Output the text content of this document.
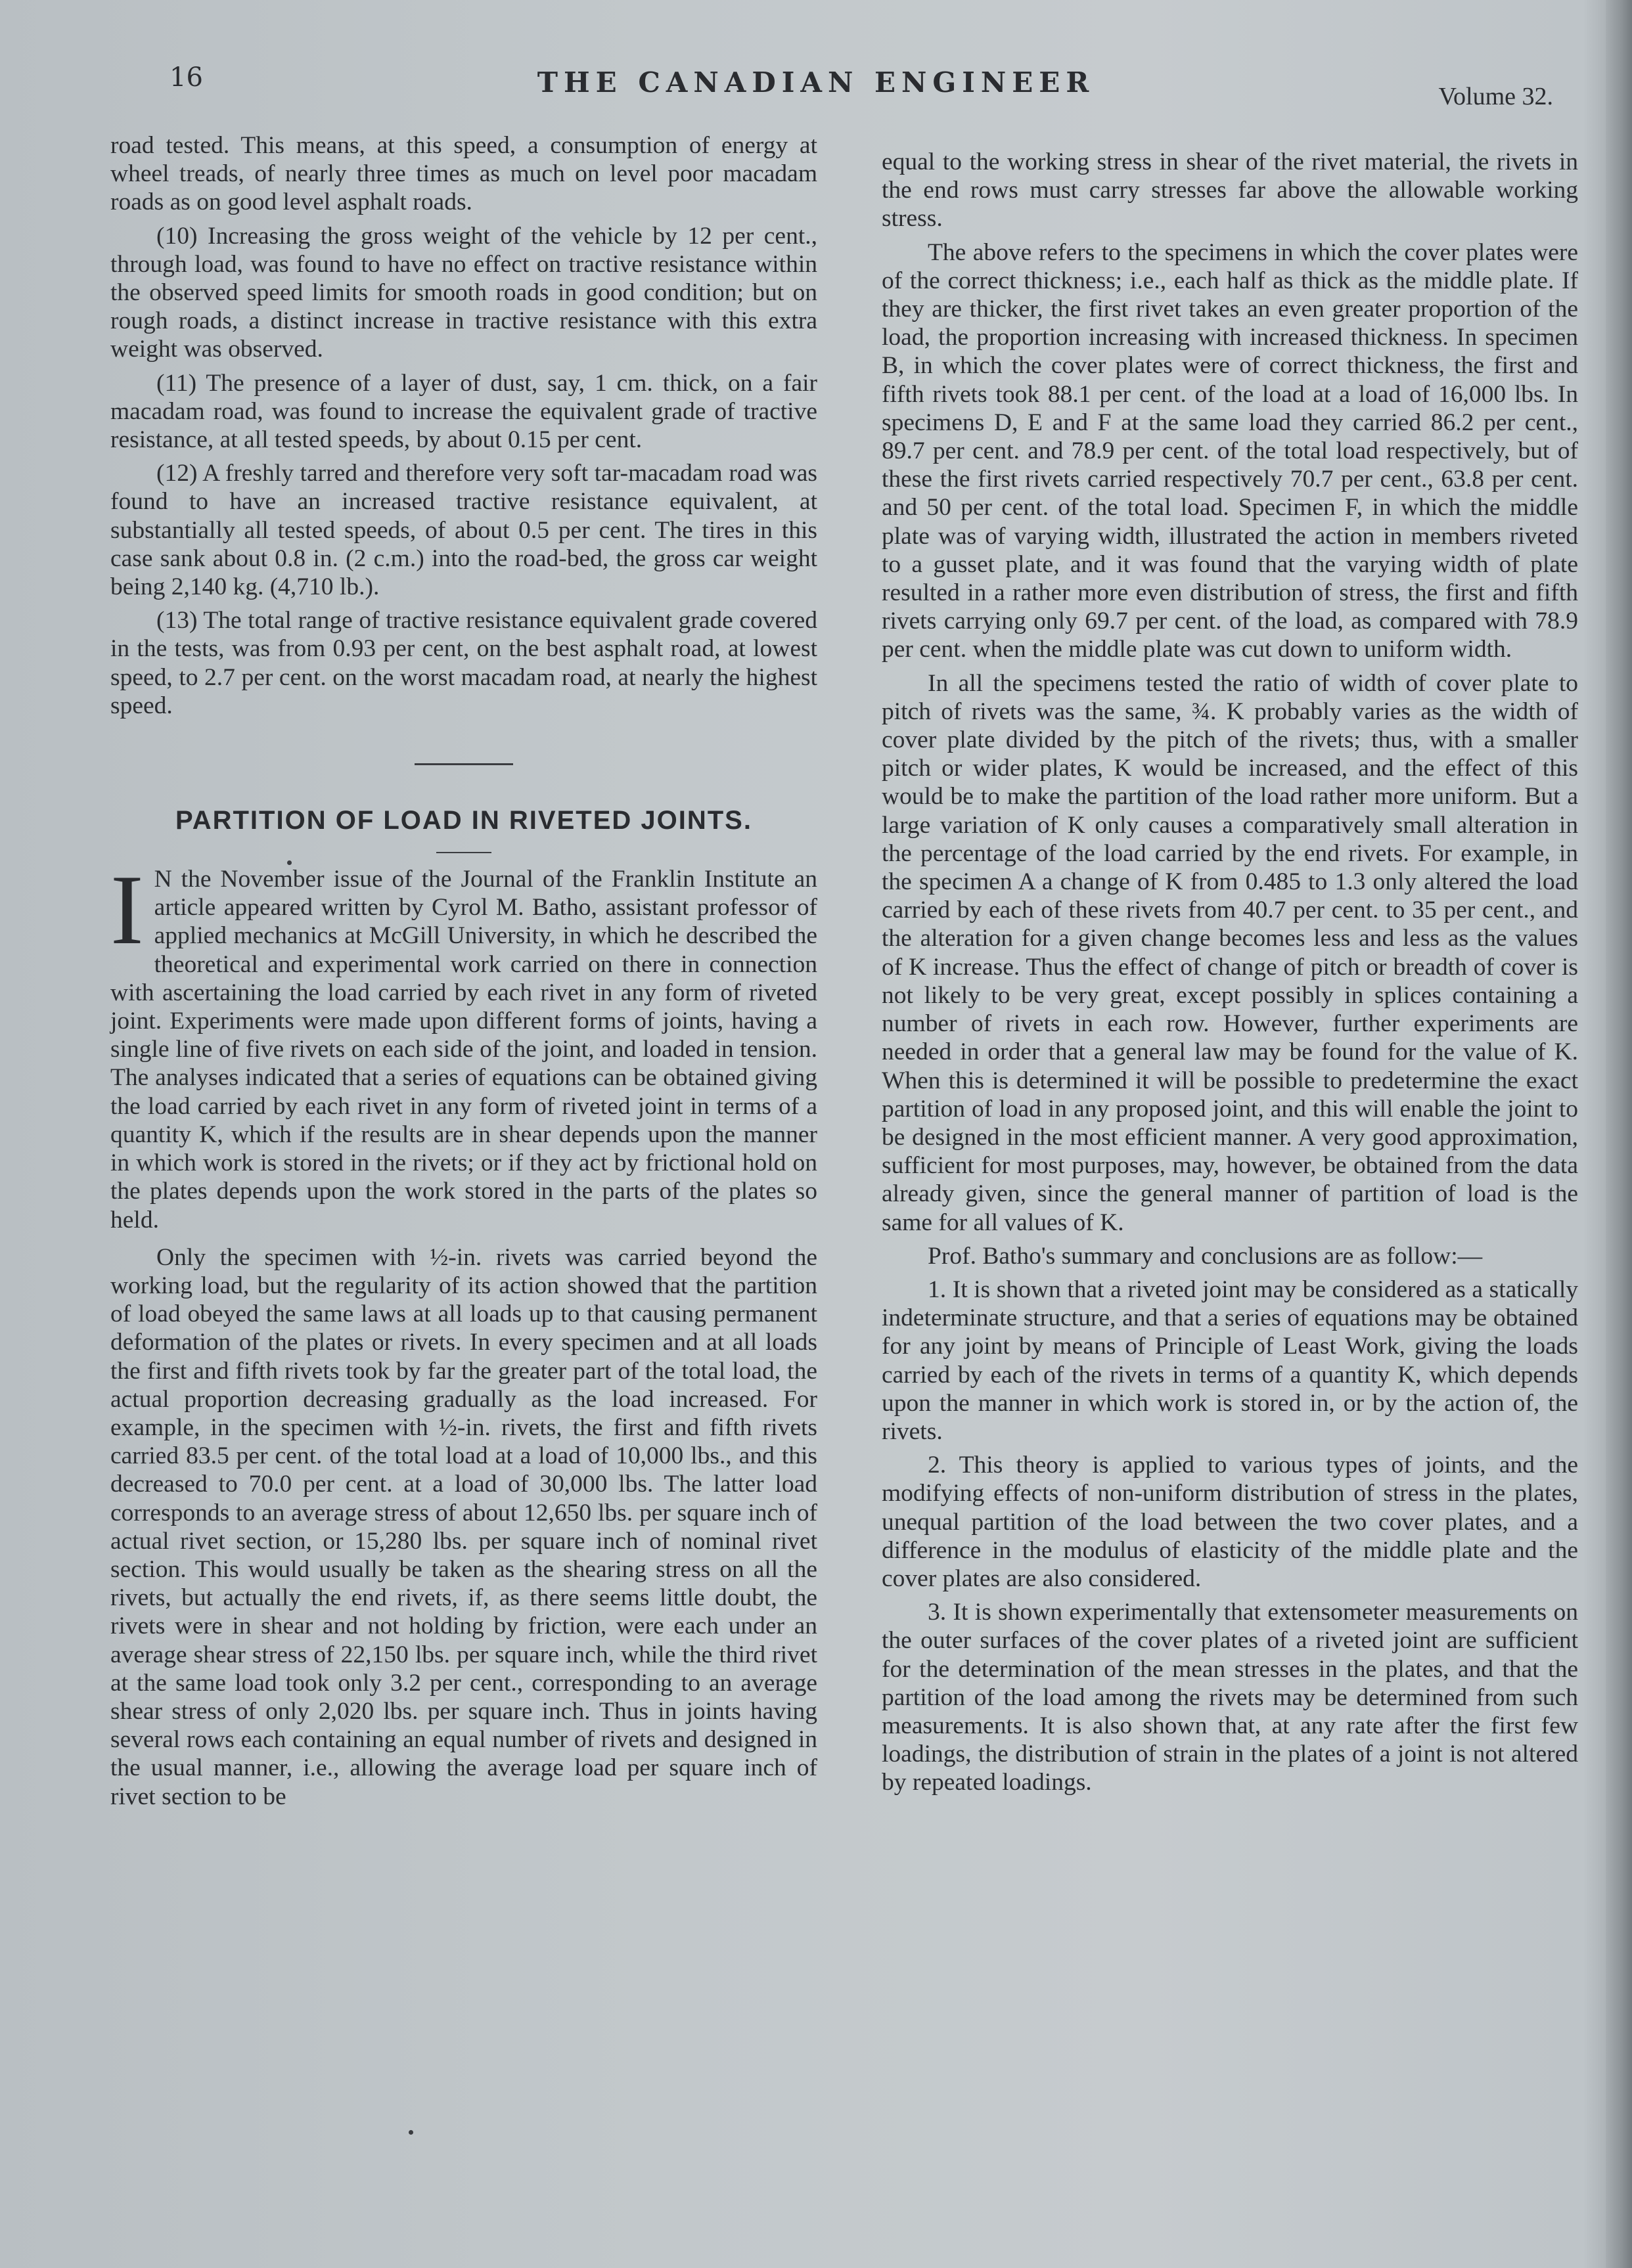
16	THE CANADIAN ENGINEER	Volume 32.

road tested. This means, at this speed, a consumption of energy at wheel treads, of nearly three times as much on level poor macadam roads as on good level asphalt roads.

(10) Increasing the gross weight of the vehicle by 12 per cent., through load, was found to have no effect on tractive resistance within the observed speed limits for smooth roads in good condition; but on rough roads, a distinct increase in tractive resistance with this extra weight was observed.

(11) The presence of a layer of dust, say, 1 cm. thick, on a fair macadam road, was found to increase the equivalent grade of tractive resistance, at all tested speeds, by about 0.15 per cent.

(12) A freshly tarred and therefore very soft tar-macadam road was found to have an increased tractive resistance equivalent, at substantially all tested speeds, of about 0.5 per cent. The tires in this case sank about 0.8 in. (2 c.m.) into the road-bed, the gross car weight being 2,140 kg. (4,710 lb.).

(13) The total range of tractive resistance equivalent grade covered in the tests, was from 0.93 per cent, on the best asphalt road, at lowest speed, to 2.7 per cent. on the worst macadam road, at nearly the highest speed.

PARTITION OF LOAD IN RIVETED JOINTS.

I N the November issue of the Journal of the Franklin Institute an article appeared written by Cyrol M. Batho, assistant professor of applied mechanics at McGill University, in which he described the theoretical and experimental work carried on there in connection with ascertaining the load carried by each rivet in any form of riveted joint. Experiments were made upon different forms of joints, having a single line of five rivets on each side of the joint, and loaded in tension. The analyses indicated that a series of equations can be obtained giving the load carried by each rivet in any form of riveted joint in terms of a quantity K, which if the results are in shear depends upon the manner in which work is stored in the rivets; or if they act by frictional hold on the plates depends upon the work stored in the parts of the plates so held.

Only the specimen with ½-in. rivets was carried beyond the working load, but the regularity of its action showed that the partition of load obeyed the same laws at all loads up to that causing permanent deformation of the plates or rivets. In every specimen and at all loads the first and fifth rivets took by far the greater part of the total load, the actual proportion decreasing gradually as the load increased. For example, in the specimen with ½-in. rivets, the first and fifth rivets carried 83.5 per cent. of the total load at a load of 10,000 lbs., and this decreased to 70.0 per cent. at a load of 30,000 lbs. The latter load corresponds to an average stress of about 12,650 lbs. per square inch of actual rivet section, or 15,280 lbs. per square inch of nominal rivet section. This would usually be taken as the shearing stress on all the rivets, but actually the end rivets, if, as there seems little doubt, the rivets were in shear and not holding by friction, were each under an average shear stress of 22,150 lbs. per square inch, while the third rivet at the same load took only 3.2 per cent., corresponding to an average shear stress of only 2,020 lbs. per square inch. Thus in joints having several rows each containing an equal number of rivets and designed in the usual manner, i.e., allowing the average load per square inch of rivet section to be

equal to the working stress in shear of the rivet material, the rivets in the end rows must carry stresses far above the allowable working stress.

The above refers to the specimens in which the cover plates were of the correct thickness; i.e., each half as thick as the middle plate. If they are thicker, the first rivet takes an even greater proportion of the load, the proportion increasing with increased thickness. In specimen B, in which the cover plates were of correct thickness, the first and fifth rivets took 88.1 per cent. of the load at a load of 16,000 lbs. In specimens D, E and F at the same load they carried 86.2 per cent., 89.7 per cent. and 78.9 per cent. of the total load respectively, but of these the first rivets carried respectively 70.7 per cent., 63.8 per cent. and 50 per cent. of the total load. Specimen F, in which the middle plate was of varying width, illustrated the action in members riveted to a gusset plate, and it was found that the varying width of plate resulted in a rather more even distribution of stress, the first and fifth rivets carrying only 69.7 per cent. of the load, as compared with 78.9 per cent. when the middle plate was cut down to uniform width.

In all the specimens tested the ratio of width of cover plate to pitch of rivets was the same, ¾. K probably varies as the width of cover plate divided by the pitch of the rivets; thus, with a smaller pitch or wider plates, K would be increased, and the effect of this would be to make the partition of the load rather more uniform. But a large variation of K only causes a comparatively small alteration in the percentage of the load carried by the end rivets. For example, in the specimen A a change of K from 0.485 to 1.3 only altered the load carried by each of these rivets from 40.7 per cent. to 35 per cent., and the alteration for a given change becomes less and less as the values of K increase. Thus the effect of change of pitch or breadth of cover is not likely to be very great, except possibly in splices containing a number of rivets in each row. However, further experiments are needed in order that a general law may be found for the value of K. When this is determined it will be possible to predetermine the exact partition of load in any proposed joint, and this will enable the joint to be designed in the most efficient manner. A very good approximation, sufficient for most purposes, may, however, be obtained from the data already given, since the general manner of partition of load is the same for all values of K.

Prof. Batho's summary and conclusions are as follow:—

1. It is shown that a riveted joint may be considered as a statically indeterminate structure, and that a series of equations may be obtained for any joint by means of Principle of Least Work, giving the loads carried by each of the rivets in terms of a quantity K, which depends upon the manner in which work is stored in, or by the action of, the rivets.

2. This theory is applied to various types of joints, and the modifying effects of non-uniform distribution of stress in the plates, unequal partition of the load between the two cover plates, and a difference in the modulus of elasticity of the middle plate and the cover plates are also considered.

3. It is shown experimentally that extensometer measurements on the outer surfaces of the cover plates of a riveted joint are sufficient for the determination of the mean stresses in the plates, and that the partition of the load among the rivets may be determined from such measurements. It is also shown that, at any rate after the first few loadings, the distribution of strain in the plates of a joint is not altered by repeated loadings.
